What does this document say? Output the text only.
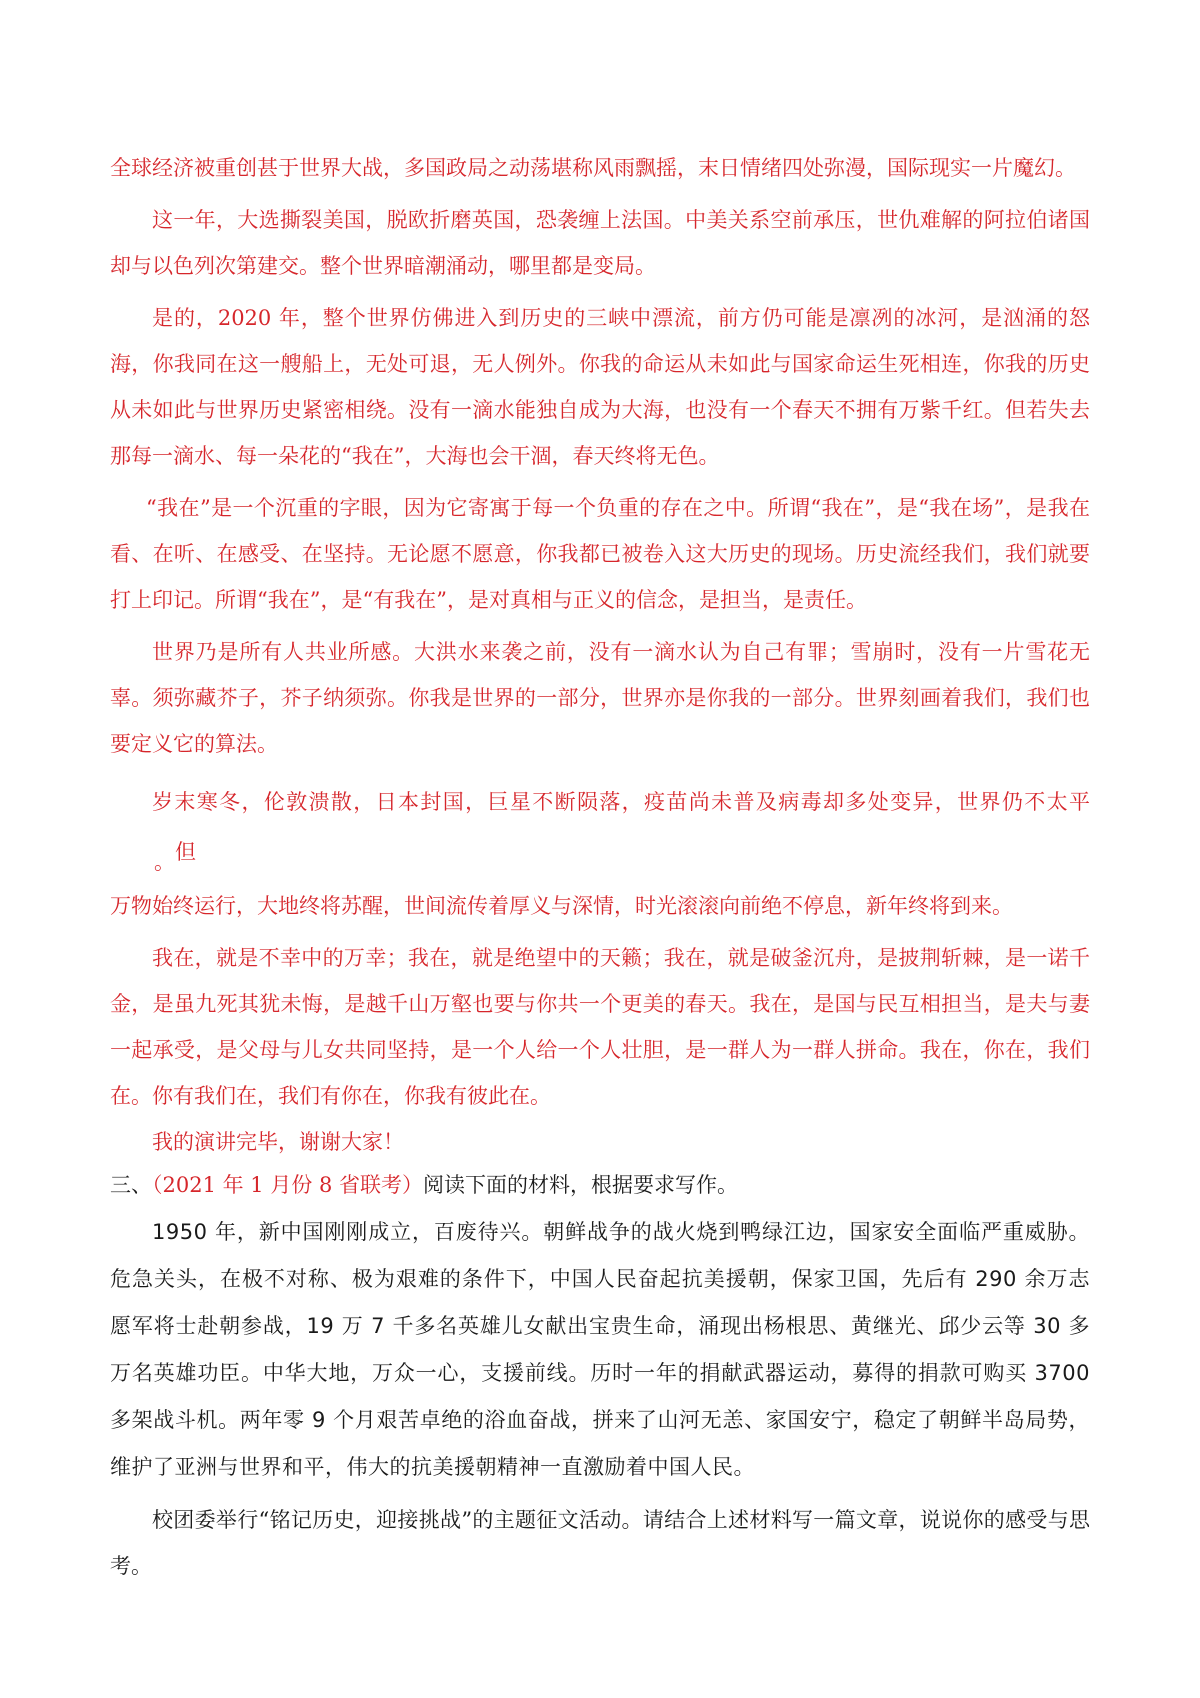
全球经济被重创甚于世界大战，多国政局之动荡堪称风雨飘摇，末日情绪四处弥漫，国际现实一片魔幻。

这一年，大选撕裂美国，脱欧折磨英国，恐袭缠上法国。中美关系空前承压，世仇难解的阿拉伯诸国却与以色列次第建交。整个世界暗潮涌动，哪里都是变局。

是的，2020 年，整个世界仿佛进入到历史的三峡中漂流，前方仍可能是凛冽的冰河，是汹涌的怒海，你我同在这一艘船上，无处可退，无人例外。你我的命运从未如此与国家命运生死相连，你我的历史从未如此与世界历史紧密相绕。没有一滴水能独自成为大海，也没有一个春天不拥有万紫千红。但若失去那每一滴水、每一朵花的“我在”，大海也会干涸，春天终将无色。

“我在”是一个沉重的字眼，因为它寄寓于每一个负重的存在之中。所谓“我在”，是“我在场”，是我在看、在听、在感受、在坚持。无论愿不愿意，你我都已被卷入这大历史的现场。历史流经我们，我们就要打上印记。所谓“我在”，是“有我在”，是对真相与正义的信念，是担当，是责任。

世界乃是所有人共业所感。大洪水来袭之前，没有一滴水认为自己有罪；雪崩时，没有一片雪花无辜。须弥藏芥子，芥子纳须弥。你我是世界的一部分，世界亦是你我的一部分。世界刻画着我们，我们也要定义它的算法。

岁末寒冬，伦敦溃散，日本封国，巨星不断陨落，疫苗尚未普及病毒却多处变异，世界仍不太平。但

万物始终运行，大地终将苏醒，世间流传着厚义与深情，时光滚滚向前绝不停息，新年终将到来。

我在，就是不幸中的万幸；我在，就是绝望中的天籁；我在，就是破釜沉舟，是披荆斩棘，是一诺千金，是虽九死其犹未悔，是越千山万壑也要与你共一个更美的春天。我在，是国与民互相担当，是夫与妻一起承受，是父母与儿女共同坚持，是一个人给一个人壮胆，是一群人为一群人拼命。我在，你在，我们在。你有我们在，我们有你在，你我有彼此在。

我的演讲完毕，谢谢大家！

三、（2021 年 1 月份 8 省联考）阅读下面的材料，根据要求写作。

1950 年，新中国刚刚成立，百废待兴。朝鲜战争的战火烧到鸭绿江边，国家安全面临严重威胁。危急关头，在极不对称、极为艰难的条件下，中国人民奋起抗美援朝，保家卫国，先后有 290 余万志愿军将士赴朝参战，19 万 7 千多名英雄儿女献出宝贵生命，涌现出杨根思、黄继光、邱少云等 30 多万名英雄功臣。中华大地，万众一心，支援前线。历时一年的捐献武器运动，募得的捐款可购买 3700 多架战斗机。两年零 9 个月艰苦卓绝的浴血奋战，拼来了山河无恙、家国安宁，稳定了朝鲜半岛局势，维护了亚洲与世界和平，伟大的抗美援朝精神一直激励着中国人民。

校团委举行“铭记历史，迎接挑战”的主题征文活动。请结合上述材料写一篇文章，说说你的感受与思考。
